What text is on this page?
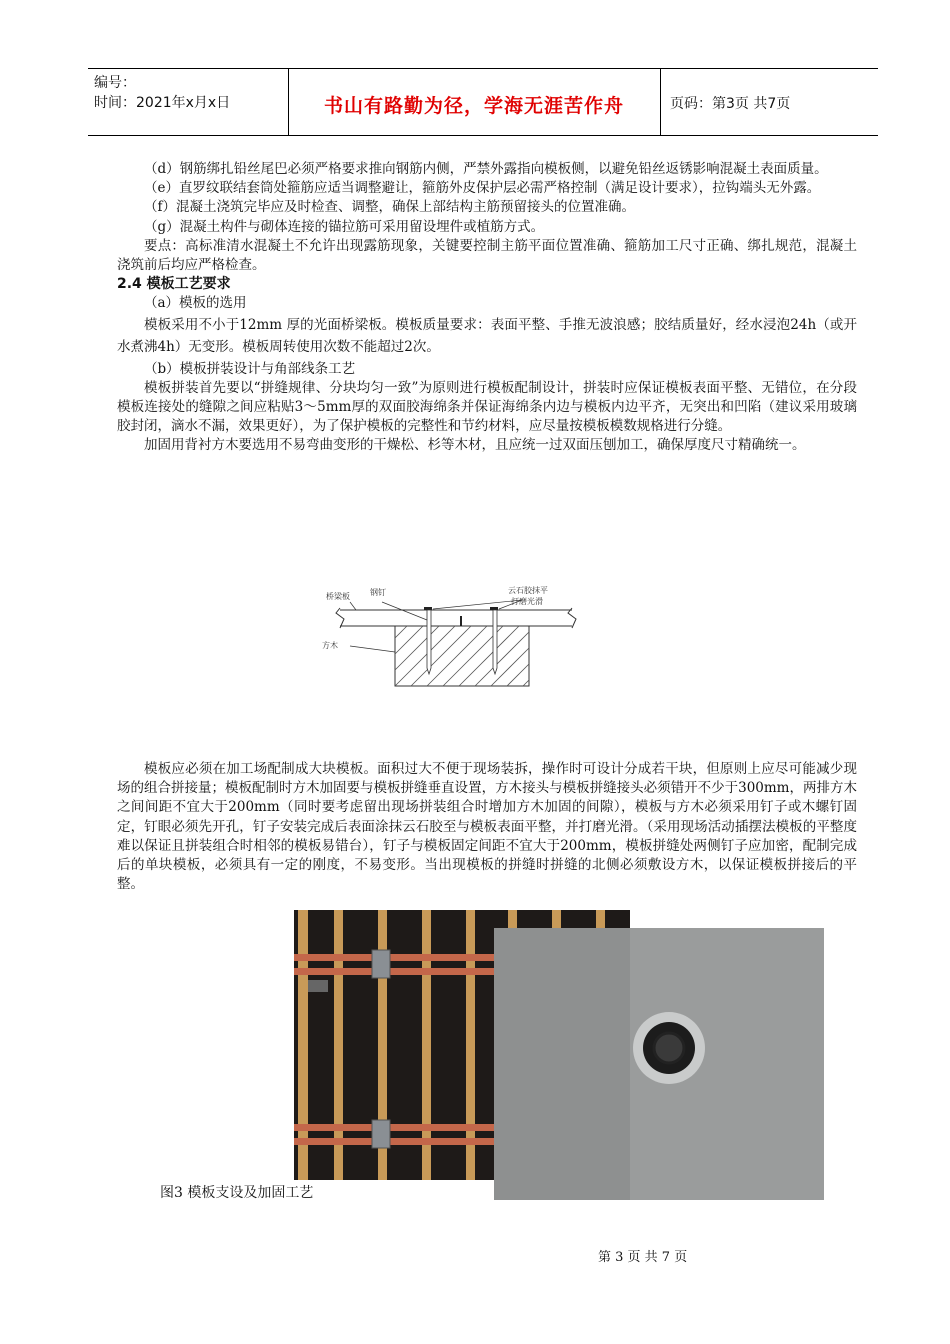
编号：
时间：2021年x月x日	书山有路勤为径，学海无涯苦作舟	页码：第3页 共7页

（d）钢筋绑扎铅丝尾巴必须严格要求推向钢筋内侧，严禁外露指向模板侧，以避免铅丝返锈影响混凝土表面质量。

（e）直罗纹联结套筒处箍筋应适当调整避让，箍筋外皮保护层必需严格控制（满足设计要求），拉钩端头无外露。

（f）混凝土浇筑完毕应及时检查、调整，确保上部结构主筋预留接头的位置准确。

（g）混凝土构件与砌体连接的锚拉筋可采用留设埋件或植筋方式。

要点：高标准清水混凝土不允许出现露筋现象，关键要控制主筋平面位置准确、箍筋加工尺寸正确、绑扎规范，混凝土浇筑前后均应严格检查。

2.4 模板工艺要求

（a）模板的选用

模板采用不小于12mm 厚的光面桥梁板。模板质量要求：表面平整、手推无波浪感；胶结质量好，经水浸泡24h（或开水煮沸4h）无变形。模板周转使用次数不能超过2次。

（b）模板拼装设计与角部线条工艺

模板拼装首先要以“拼缝规律、分块均匀一致”为原则进行模板配制设计，拼装时应保证模板表面平整、无错位，在分段模板连接处的缝隙之间应粘贴3～5mm厚的双面胶海绵条并保证海绵条内边与模板内边平齐，无突出和凹陷（建议采用玻璃胶封闭，滴水不漏，效果更好），为了保护模板的完整性和节约材料，应尽量按模板模数规格进行分缝。

加固用背衬方木要选用不易弯曲变形的干燥松、杉等木材，且应统一过双面压刨加工，确保厚度尺寸精确统一。

桥梁板	钢钉	云石胶抹平
打磨光滑
方木

模板应必须在加工场配制成大块模板。面积过大不便于现场装拆，操作时可设计分成若干块，但原则上应尽可能减少现场的组合拼接量；模板配制时方木加固要与模板拼缝垂直设置，方木接头与模板拼缝接头必须错开不少于300mm，两排方木之间间距不宜大于200mm（同时要考虑留出现场拼装组合时增加方木加固的间隙），模板与方木必须采用钉子或木螺钉固定，钉眼必须先开孔，钉子安装完成后表面涂抹云石胶至与模板表面平整，并打磨光滑。（采用现场活动插摆法模板的平整度难以保证且拼装组合时相邻的模板易错台），钉子与模板固定间距不宜大于200mm，模板拼缝处两侧钉子应加密，配制完成后的单块模板，必须具有一定的刚度，不易变形。当出现模板的拼缝时拼缝的北侧必须敷设方木，以保证模板拼接后的平整。

图3 模板支设及加固工艺
第 3 页 共 7 页
